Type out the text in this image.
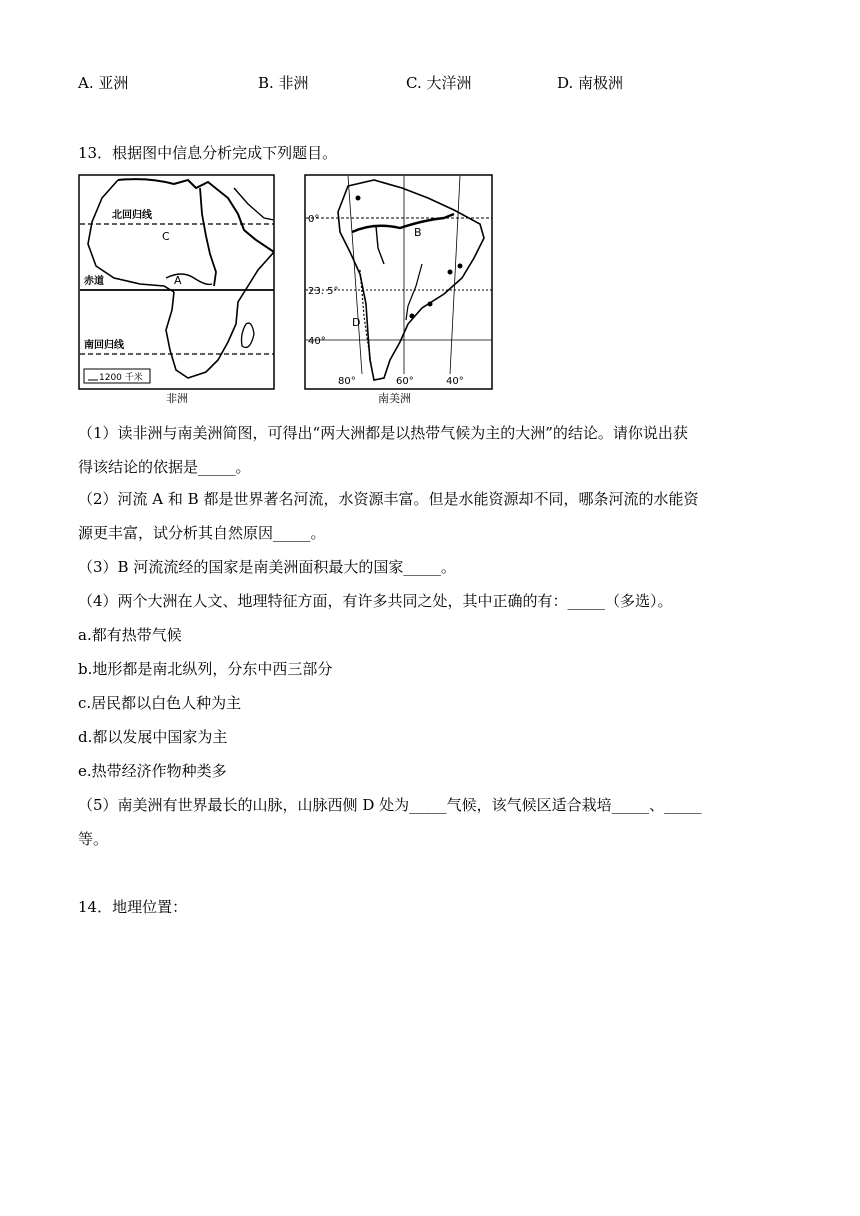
A. 亚洲	B. 非洲	C. 大洋洲	D. 南极洲
13．根据图中信息分析完成下列题目。
北回归线
C
赤道	A
南回归线
1200 千米
非洲
0°
B
23. 5°
D
40°
80°	60°	40°
南美洲
（1）读非洲与南美洲简图，可得出“两大洲都是以热带气候为主的大洲”的结论。请你说出获
得该结论的依据是_____。
（2）河流 A 和 B 都是世界著名河流，水资源丰富。但是水能资源却不同，哪条河流的水能资
源更丰富，试分析其自然原因_____。
（3）B 河流流经的国家是南美洲面积最大的国家_____。
（4）两个大洲在人文、地理特征方面，有许多共同之处，其中正确的有：_____（多选）。
a.都有热带气候
b.地形都是南北纵列，分东中西三部分
c.居民都以白色人种为主
d.都以发展中国家为主
e.热带经济作物种类多
（5）南美洲有世界最长的山脉，山脉西侧 D 处为_____气候，该气候区适合栽培_____、_____
等。
14．地理位置：
